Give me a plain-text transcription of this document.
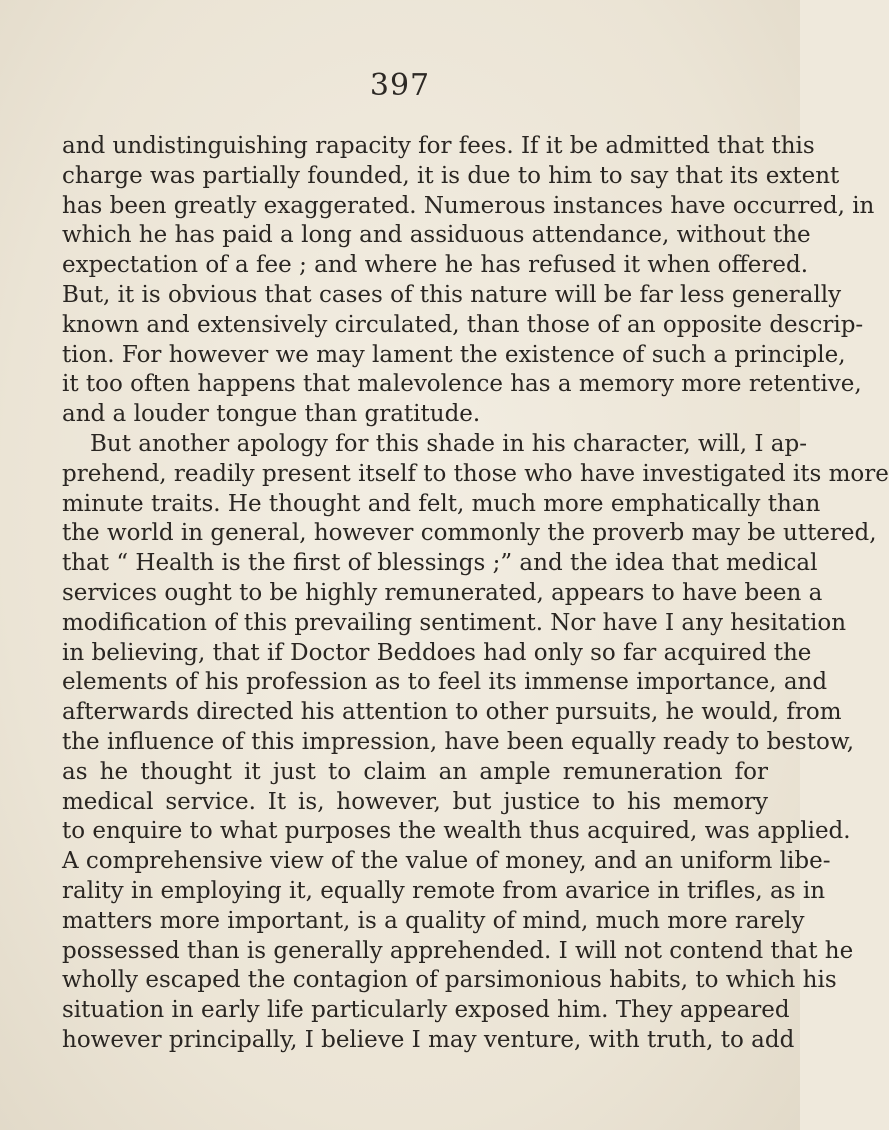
397
and undistinguishing rapacity for fees. If it be admitted that this
charge was partially founded, it is due to him to say that its extent
has been greatly exaggerated. Numerous instances have occurred, in
which he has paid a long and assiduous attendance, without the
expectation of a fee ; and where he has refused it when offered.
But, it is obvious that cases of this nature will be far less generally
known and extensively circulated, than those of an opposite descrip-
tion. For however we may lament the existence of such a principle,
it too often happens that malevolence has a memory more retentive,
and a louder tongue than gratitude.
But another apology for this shade in his character, will, I ap-
prehend, readily present itself to those who have investigated its more
minute traits. He thought and felt, much more emphatically than
the world in general, however commonly the proverb may be uttered,
that “ Health is the first of blessings ;” and the idea that medical
services ought to be highly remunerated, appears to have been a
modification of this prevailing sentiment. Nor have I any hesitation
in believing, that if Doctor Beddoes had only so far acquired the
elements of his profession as to feel its immense importance, and
afterwards directed his attention to other pursuits, he would, from
the influence of this impression, have been equally ready to bestow,
as he thought it just to claim an ample remuneration for
medical service. It is, however, but justice to his memory
to enquire to what purposes the wealth thus acquired, was applied.
A comprehensive view of the value of money, and an uniform libe-
rality in employing it, equally remote from avarice in trifles, as in
matters more important, is a quality of mind, much more rarely
possessed than is generally apprehended. I will not contend that he
wholly escaped the contagion of parsimonious habits, to which his
situation in early life particularly exposed him. They appeared
however principally, I believe I may venture, with truth, to add
